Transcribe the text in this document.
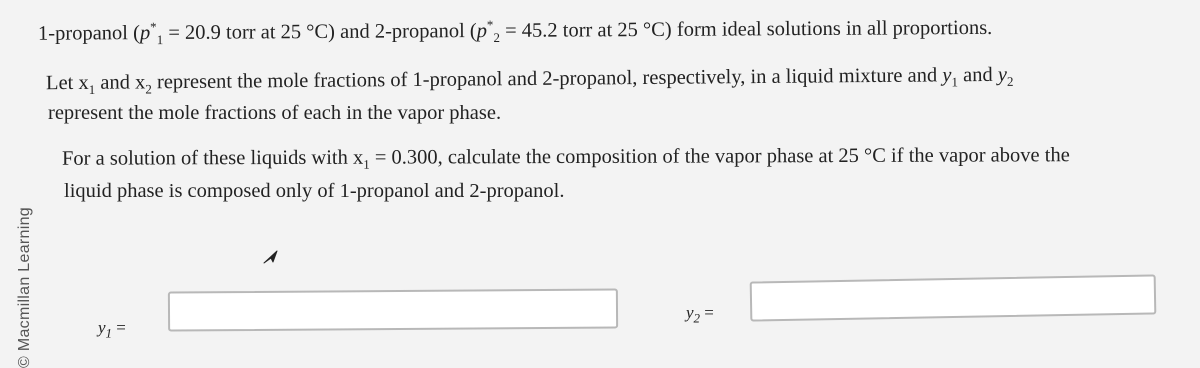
© Macmillan Learning
1-propanol ($p^*_1 = 20.9$ torr at 25 °C) and 2-propanol ($p^*_2 = 45.2$ torr at 25 °C) form ideal solutions in all proportions.
Let $x_1$ and $x_2$ represent the mole fractions of 1-propanol and 2-propanol, respectively, in a liquid mixture and $y_1$ and $y_2$
represent the mole fractions of each in the vapor phase.
For a solution of these liquids with $x_1 = 0.300$, calculate the composition of the vapor phase at 25 °C if the vapor above the
liquid phase is composed only of 1-propanol and 2-propanol.
$y_1$ =
$y_2$ =
